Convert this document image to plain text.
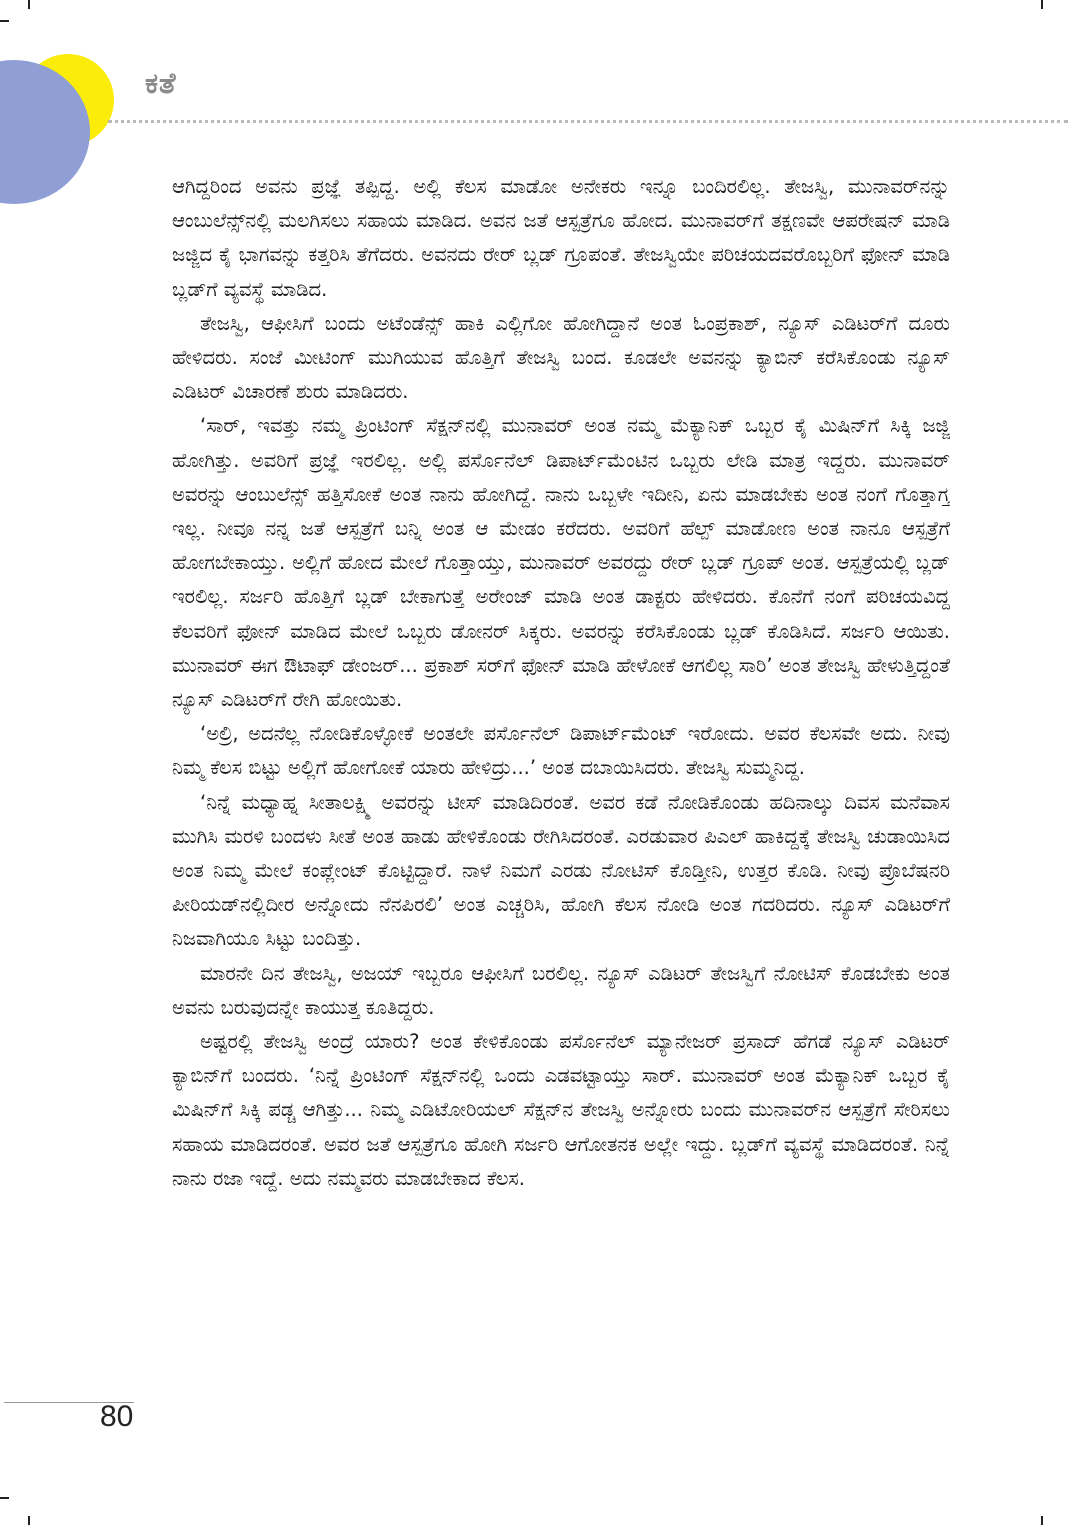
ಕತೆ

ಆಗಿದ್ದರಿಂದ ಅವನು ಪ್ರಜ್ಞೆ ತಪ್ಪಿದ್ದ. ಅಲ್ಲಿ ಕೆಲಸ ಮಾಡೋ ಅನೇಕರು ಇನ್ನೂ ಬಂದಿರಲಿಲ್ಲ. ತೇಜಸ್ವಿ, ಮುನಾವರ್‌ನನ್ನು ಆಂಬುಲೆನ್ಸ್‌ನಲ್ಲಿ ಮಲಗಿಸಲು ಸಹಾಯ ಮಾಡಿದ. ಅವನ ಜತೆ ಆಸ್ಪತ್ರೆಗೂ ಹೋದ. ಮುನಾವರ್‌ಗೆ ತಕ್ಷಣವೇ ಆಪರೇಷನ್ ಮಾಡಿ ಜಜ್ಜಿದ ಕೈ ಭಾಗವನ್ನು ಕತ್ತರಿಸಿ ತೆಗೆದರು. ಅವನದು ರೇರ್ ಬ್ಲಡ್ ಗ್ರೂಪಂತೆ. ತೇಜಸ್ವಿಯೇ ಪರಿಚಯದವರೊಬ್ಬರಿಗೆ ಫೋನ್ ಮಾಡಿ ಬ್ಲಡ್‌ಗೆ ವ್ಯವಸ್ಥೆ ಮಾಡಿದ.

ತೇಜಸ್ವಿ, ಆಫೀಸಿಗೆ ಬಂದು ಅಟೆಂಡೆನ್ಸ್ ಹಾಕಿ ಎಲ್ಲಿಗೋ ಹೋಗಿದ್ದಾನೆ ಅಂತ ಓಂಪ್ರಕಾಶ್, ನ್ಯೂಸ್ ಎಡಿಟರ್‌ಗೆ ದೂರು ಹೇಳಿದರು. ಸಂಜೆ ಮೀಟಿಂಗ್ ಮುಗಿಯುವ ಹೊತ್ತಿಗೆ ತೇಜಸ್ವಿ ಬಂದ. ಕೂಡಲೇ ಅವನನ್ನು ಕ್ಯಾಬಿನ್ ಕರೆಸಿಕೊಂಡು ನ್ಯೂಸ್ ಎಡಿಟರ್ ವಿಚಾರಣೆ ಶುರು ಮಾಡಿದರು.

‘ಸಾರ್, ಇವತ್ತು ನಮ್ಮ ಪ್ರಿಂಟಿಂಗ್ ಸೆಕ್ಷನ್‌ನಲ್ಲಿ ಮುನಾವರ್ ಅಂತ ನಮ್ಮ ಮೆಕ್ಯಾನಿಕ್ ಒಬ್ಬರ ಕೈ ಮಿಷಿನ್‌ಗೆ ಸಿಕ್ಕಿ ಜಜ್ಜಿ ಹೋಗಿತ್ತು. ಅವರಿಗೆ ಪ್ರಜ್ಞೆ ಇರಲಿಲ್ಲ. ಅಲ್ಲಿ ಪರ್ಸೊನೆಲ್ ಡಿಪಾರ್ಟ್‌ಮೆಂಟಿನ ಒಬ್ಬರು ಲೇಡಿ ಮಾತ್ರ ಇದ್ದರು. ಮುನಾವರ್ ಅವರನ್ನು ಆಂಬುಲೆನ್ಸ್ ಹತ್ತಿಸೋಕೆ ಅಂತ ನಾನು ಹೋಗಿದ್ದೆ. ನಾನು ಒಬ್ಬಳೇ ಇದೀನಿ, ಏನು ಮಾಡಬೇಕು ಅಂತ ನಂಗೆ ಗೊತ್ತಾಗ್ತ ಇಲ್ಲ. ನೀವೂ ನನ್ನ ಜತೆ ಆಸ್ಪತ್ರೆಗೆ ಬನ್ನಿ ಅಂತ ಆ ಮೇಡಂ ಕರೆದರು. ಅವರಿಗೆ ಹೆಲ್ಪ್ ಮಾಡೋಣ ಅಂತ ನಾನೂ ಆಸ್ಪತ್ರೆಗೆ ಹೋಗಬೇಕಾಯ್ತು. ಅಲ್ಲಿಗೆ ಹೋದ ಮೇಲೆ ಗೊತ್ತಾಯ್ತು, ಮುನಾವರ್ ಅವರದ್ದು ರೇರ್ ಬ್ಲಡ್ ಗ್ರೂಪ್ ಅಂತ. ಆಸ್ಪತ್ರೆಯಲ್ಲಿ ಬ್ಲಡ್ ಇರಲಿಲ್ಲ. ಸರ್ಜರಿ ಹೊತ್ತಿಗೆ ಬ್ಲಡ್ ಬೇಕಾಗುತ್ತೆ ಅರೇಂಜ್ ಮಾಡಿ ಅಂತ ಡಾಕ್ಟರು ಹೇಳಿದರು. ಕೊನೆಗೆ ನಂಗೆ ಪರಿಚಯವಿದ್ದ ಕೆಲವರಿಗೆ ಫೋನ್ ಮಾಡಿದ ಮೇಲೆ ಒಬ್ಬರು ಡೋನರ್ ಸಿಕ್ಕರು. ಅವರನ್ನು ಕರೆಸಿಕೊಂಡು ಬ್ಲಡ್ ಕೊಡಿಸಿದೆ. ಸರ್ಜರಿ ಆಯಿತು. ಮುನಾವರ್ ಈಗ ಔಟಾಫ್ ಡೇಂಜರ್... ಪ್ರಕಾಶ್ ಸರ್‌ಗೆ ಫೋನ್ ಮಾಡಿ ಹೇಳೋಕೆ ಆಗಲಿಲ್ಲ ಸಾರಿ’ ಅಂತ ತೇಜಸ್ವಿ ಹೇಳುತ್ತಿದ್ದಂತೆ ನ್ಯೂಸ್ ಎಡಿಟರ್‌ಗೆ ರೇಗಿ ಹೋಯಿತು.

‘ಅಲ್ರಿ, ಅದನೆಲ್ಲ ನೋಡಿಕೊಳ್ಳೋಕೆ ಅಂತಲೇ ಪರ್ಸೊನೆಲ್ ಡಿಪಾರ್ಟ್‌ಮೆಂಟ್ ಇರೋದು. ಅವರ ಕೆಲಸವೇ ಅದು. ನೀವು ನಿಮ್ಮ ಕೆಲಸ ಬಿಟ್ಟು ಅಲ್ಲಿಗೆ ಹೋಗೋಕೆ ಯಾರು ಹೇಳಿದ್ರು...’ ಅಂತ ದಬಾಯಿಸಿದರು. ತೇಜಸ್ವಿ ಸುಮ್ಮನಿದ್ದ.

‘ನಿನ್ನೆ ಮಧ್ಯಾಹ್ನ ಸೀತಾಲಕ್ಷ್ಮಿ ಅವರನ್ನು ಟೀಸ್ ಮಾಡಿದಿರಂತೆ. ಅವರ ಕಡೆ ನೋಡಿಕೊಂಡು ಹದಿನಾಲ್ಕು ದಿವಸ ಮನೆವಾಸ ಮುಗಿಸಿ ಮರಳಿ ಬಂದಳು ಸೀತೆ ಅಂತ ಹಾಡು ಹೇಳಿಕೊಂಡು ರೇಗಿಸಿದರಂತೆ. ಎರಡುವಾರ ಪಿಎಲ್ ಹಾಕಿದ್ದಕ್ಕೆ ತೇಜಸ್ವಿ ಚುಡಾಯಿಸಿದ ಅಂತ ನಿಮ್ಮ ಮೇಲೆ ಕಂಪ್ಲೇಂಟ್ ಕೊಟ್ಟಿದ್ದಾರೆ. ನಾಳೆ ನಿಮಗೆ ಎರಡು ನೋಟಿಸ್ ಕೊಡ್ತೀನಿ, ಉತ್ತರ ಕೊಡಿ. ನೀವು ಪ್ರೊಬೆಷನರಿ ಪೀರಿಯಡ್‌ನಲ್ಲಿದೀರ ಅನ್ನೋದು ನೆನಪಿರಲಿ’ ಅಂತ ಎಚ್ಚರಿಸಿ, ಹೋಗಿ ಕೆಲಸ ನೋಡಿ ಅಂತ ಗದರಿದರು. ನ್ಯೂಸ್ ಎಡಿಟರ್‌ಗೆ ನಿಜವಾಗಿಯೂ ಸಿಟ್ಟು ಬಂದಿತ್ತು.

ಮಾರನೇ ದಿನ ತೇಜಸ್ವಿ, ಅಜಯ್ ಇಬ್ಬರೂ ಆಫೀಸಿಗೆ ಬರಲಿಲ್ಲ. ನ್ಯೂಸ್ ಎಡಿಟರ್ ತೇಜಸ್ವಿಗೆ ನೋಟಿಸ್ ಕೊಡಬೇಕು ಅಂತ ಅವನು ಬರುವುದನ್ನೇ ಕಾಯುತ್ತ ಕೂತಿದ್ದರು.

ಅಷ್ಟರಲ್ಲಿ ತೇಜಸ್ವಿ ಅಂದ್ರೆ ಯಾರು? ಅಂತ ಕೇಳಿಕೊಂಡು ಪರ್ಸೊನೆಲ್ ಮ್ಯಾನೇಜರ್ ಪ್ರಸಾದ್ ಹೆಗಡೆ ನ್ಯೂಸ್ ಎಡಿಟರ್ ಕ್ಯಾಬಿನ್‌ಗೆ ಬಂದರು. ‘ನಿನ್ನೆ ಪ್ರಿಂಟಿಂಗ್ ಸೆಕ್ಷನ್‌ನಲ್ಲಿ ಒಂದು ಎಡವಟ್ಟಾಯ್ತು ಸಾರ್. ಮುನಾವರ್ ಅಂತ ಮೆಕ್ಯಾನಿಕ್ ಒಬ್ಬರ ಕೈ ಮಿಷಿನ್‌ಗೆ ಸಿಕ್ಕಿ ಪಡ್ಚ ಆಗಿತ್ತು... ನಿಮ್ಮ ಎಡಿಟೋರಿಯಲ್ ಸೆಕ್ಷನ್‌ನ ತೇಜಸ್ವಿ ಅನ್ನೋರು ಬಂದು ಮುನಾವರ್‌ನ ಆಸ್ಪತ್ರೆಗೆ ಸೇರಿಸಲು ಸಹಾಯ ಮಾಡಿದರಂತೆ. ಅವರ ಜತೆ ಆಸ್ಪತ್ರೆಗೂ ಹೋಗಿ ಸರ್ಜರಿ ಆಗೋತನಕ ಅಲ್ಲೇ ಇದ್ದು. ಬ್ಲಡ್‌ಗೆ ವ್ಯವಸ್ಥೆ ಮಾಡಿದರಂತೆ. ನಿನ್ನೆ ನಾನು ರಜಾ ಇದ್ದೆ. ಅದು ನಮ್ಮವರು ಮಾಡಬೇಕಾದ ಕೆಲಸ.

80
